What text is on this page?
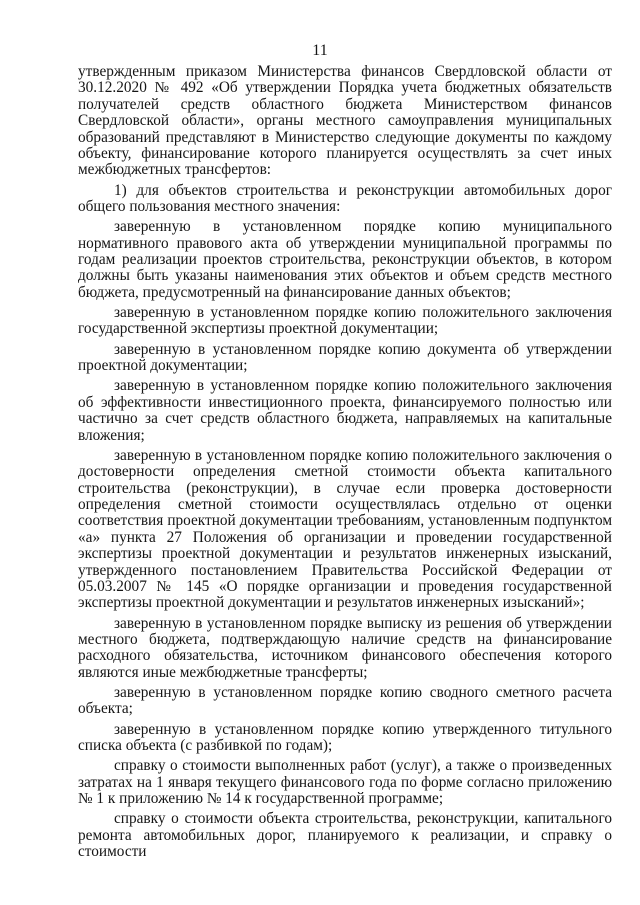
11

утвержденным приказом Министерства финансов Свердловской области от 30.12.2020 № 492 «Об утверждении Порядка учета бюджетных обязательств получателей средств областного бюджета Министерством финансов Свердловской области», органы местного самоуправления муниципальных образований представляют в Министерство следующие документы по каждому объекту, финансирование которого планируется осуществлять за счет иных межбюджетных трансфертов:

1) для объектов строительства и реконструкции автомобильных дорог общего пользования местного значения:

заверенную в установленном порядке копию муниципального нормативного правового акта об утверждении муниципальной программы по годам реализации проектов строительства, реконструкции объектов, в котором должны быть указаны наименования этих объектов и объем средств местного бюджета, предусмотренный на финансирование данных объектов;

заверенную в установленном порядке копию положительного заключения государственной экспертизы проектной документации;

заверенную в установленном порядке копию документа об утверждении проектной документации;

заверенную в установленном порядке копию положительного заключения об эффективности инвестиционного проекта, финансируемого полностью или частично за счет средств областного бюджета, направляемых на капитальные вложения;

заверенную в установленном порядке копию положительного заключения о достоверности определения сметной стоимости объекта капитального строительства (реконструкции), в случае если проверка достоверности определения сметной стоимости осуществлялась отдельно от оценки соответствия проектной документации требованиям, установленным подпунктом «а» пункта 27 Положения об организации и проведении государственной экспертизы проектной документации и результатов инженерных изысканий, утвержденного постановлением Правительства Российской Федерации от 05.03.2007 № 145 «О порядке организации и проведения государственной экспертизы проектной документации и результатов инженерных изысканий»;

заверенную в установленном порядке выписку из решения об утверждении местного бюджета, подтверждающую наличие средств на финансирование расходного обязательства, источником финансового обеспечения которого являются иные межбюджетные трансферты;

заверенную в установленном порядке копию сводного сметного расчета объекта;

заверенную в установленном порядке копию утвержденного титульного списка объекта (с разбивкой по годам);

справку о стоимости выполненных работ (услуг), а также о произведенных затратах на 1 января текущего финансового года по форме согласно приложению № 1 к приложению № 14 к государственной программе;

справку о стоимости объекта строительства, реконструкции, капитального ремонта автомобильных дорог, планируемого к реализации, и справку о стоимости
